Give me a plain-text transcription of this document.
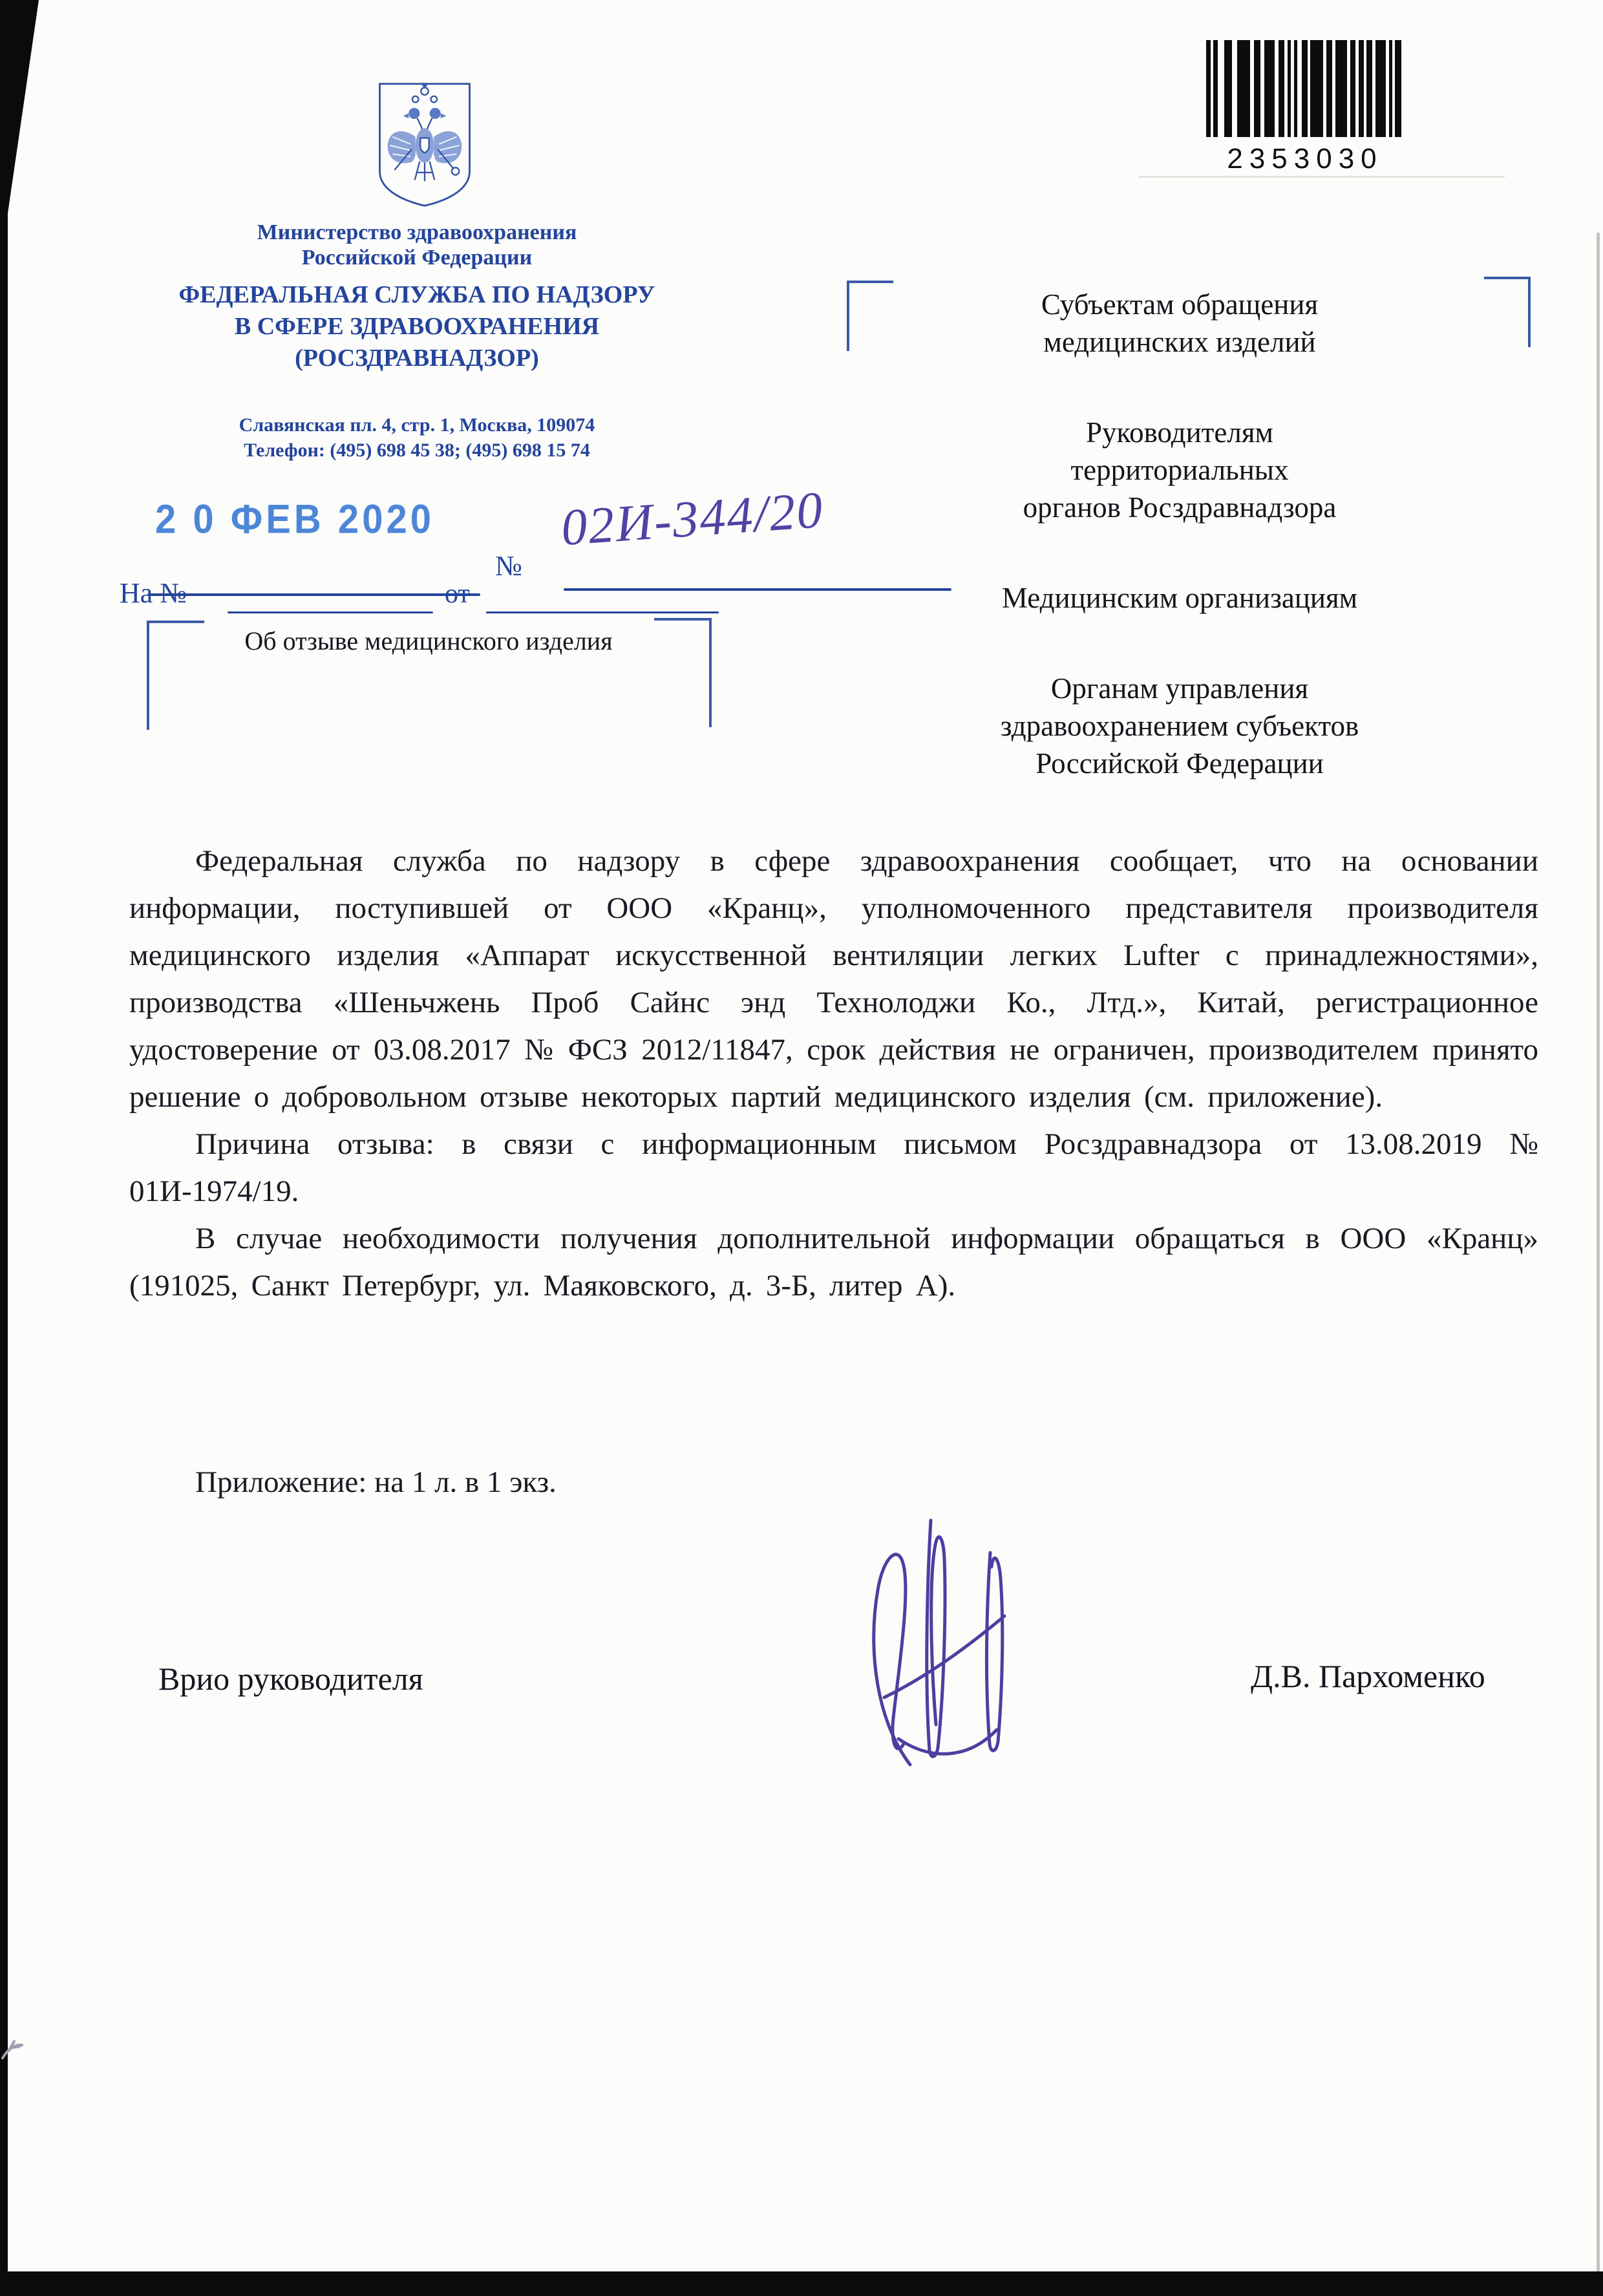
2353030
Министерство здравоохранения
Российской Федерации
ФЕДЕРАЛЬНАЯ СЛУЖБА ПО НАДЗОРУ
В СФЕРЕ ЗДРАВООХРАНЕНИЯ
(РОСЗДРАВНАДЗОР)
Славянская пл. 4, стр. 1, Москва, 109074
Телефон: (495) 698 45 38; (495) 698 15 74
2 0 ФЕВ 2020
№
02И-344/20
На №	от
Об отзыве медицинского изделия
Субъектам обращения
медицинских изделий
Руководителям
территориальных
органов Росздравнадзора
Медицинским организациям
Органам управления
здравоохранением субъектов
Российской Федерации

Федеральная служба по надзору в сфере здравоохранения сообщает, что на основании информации, поступившей от ООО «Кранц», уполномоченного представителя производителя медицинского изделия «Аппарат искусственной вентиляции легких Lufter с принадлежностями», производства «Шеньчжень Проб Сайнс энд Технолоджи Ко., Лтд.», Китай, регистрационное удостоверение от 03.08.2017 № ФСЗ 2012/11847, срок действия не ограничен, производителем принято решение о добровольном отзыве некоторых партий медицинского изделия (см. приложение).

Причина отзыва: в связи с информационным письмом Росздравнадзора от 13.08.2019 № 01И-1974/19.

В случае необходимости получения дополнительной информации обращаться в ООО «Кранц» (191025, Санкт Петербург, ул. Маяковского, д. 3-Б, литер А).

Приложение: на 1 л. в 1 экз.
Врио руководителя	Д.В. Пархоменко
